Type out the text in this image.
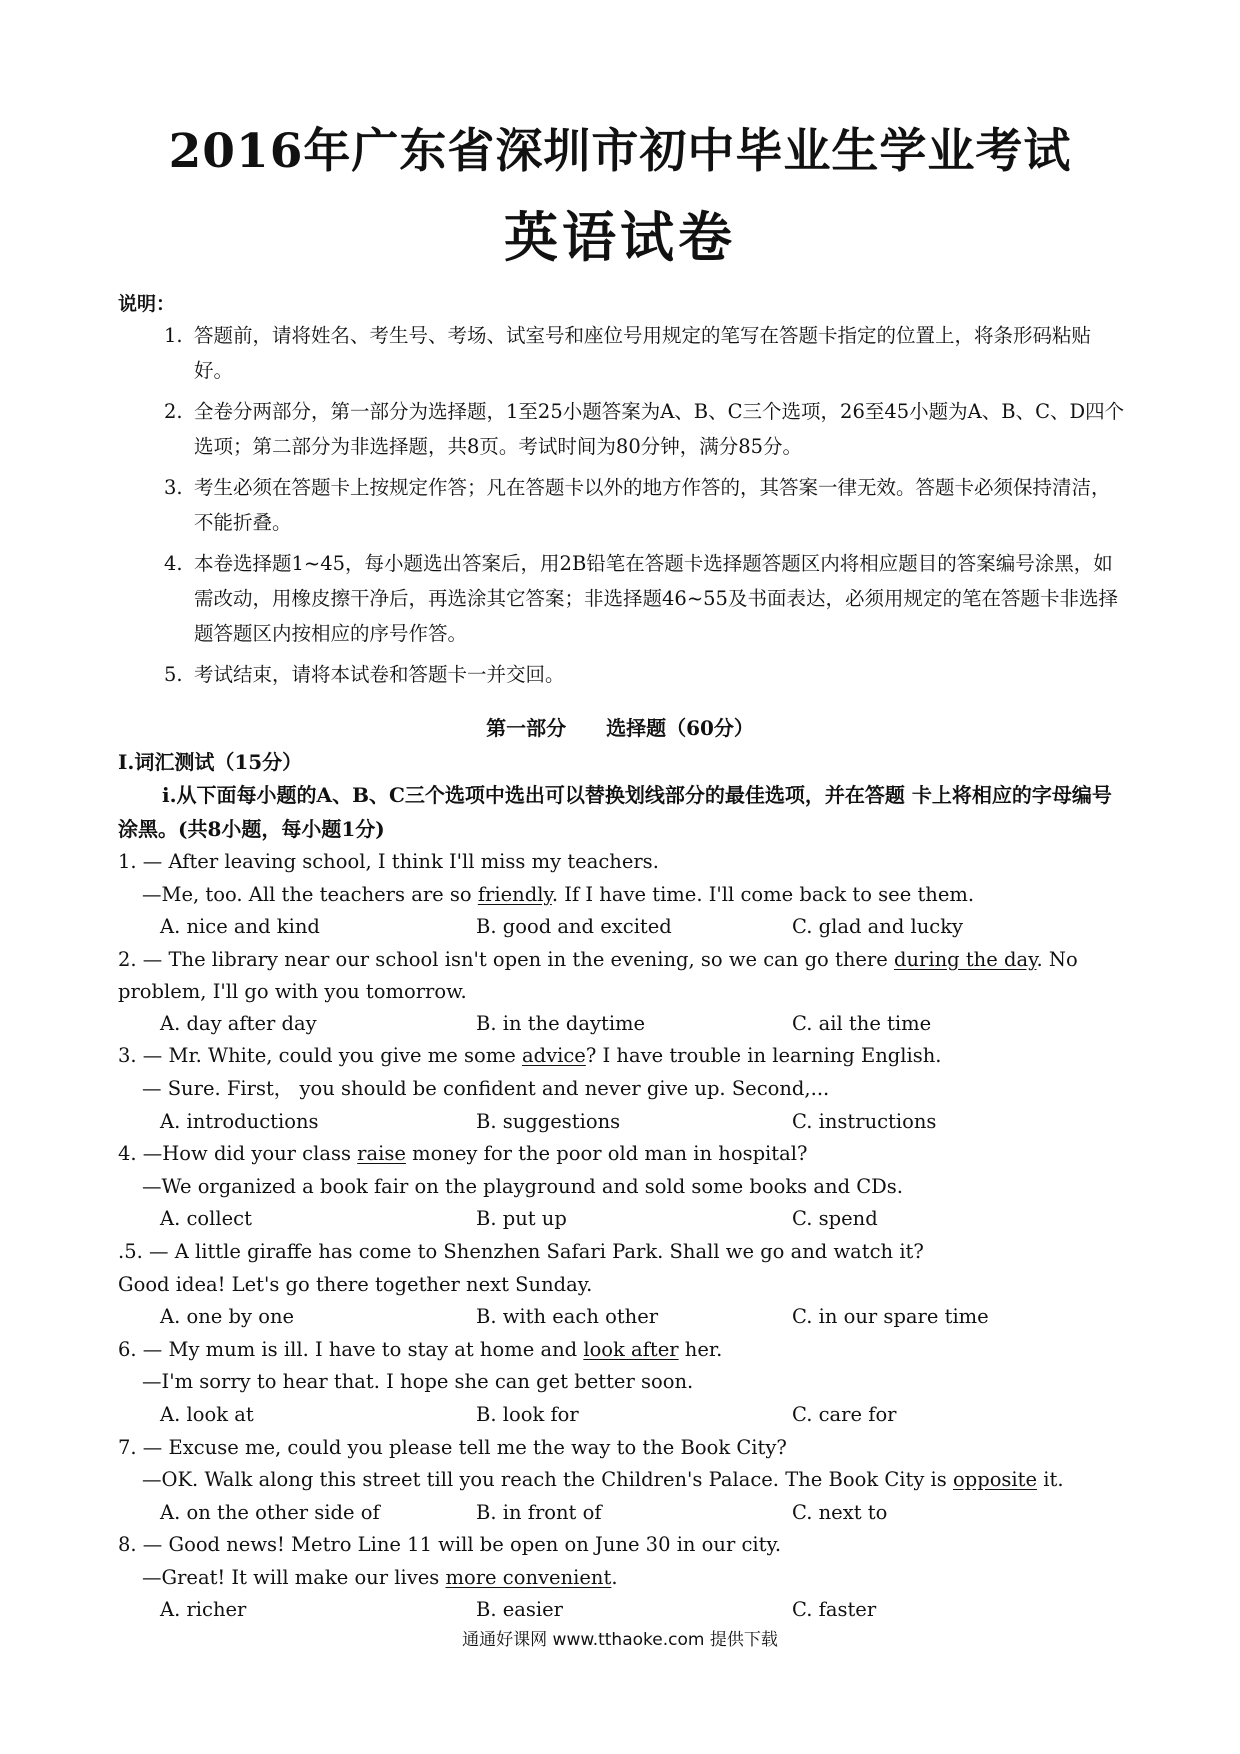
2016年广东省深圳市初中毕业生学业考试
英语试卷
说明：
1. 答题前，请将姓名、考生号、考场、试室号和座位号用规定的笔写在答题卡指定的位置上，将条形码粘贴好。
2. 全卷分两部分，第一部分为选择题，1至25小题答案为A、B、C三个选项，26至45小题为A、B、C、D四个选项；第二部分为非选择题，共8页。考试时间为80分钟，满分85分。
3. 考生必须在答题卡上按规定作答；凡在答题卡以外的地方作答的，其答案一律无效。答题卡必须保持清洁，不能折叠。
4. 本卷选择题1~45，每小题选出答案后，用2B铅笔在答题卡选择题答题区内将相应题目的答案编号涂黑，如需改动，用橡皮擦干净后，再选涂其它答案；非选择题46~55及书面表达，必须用规定的笔在答题卡非选择题答题区内按相应的序号作答。
5. 考试结束，请将本试卷和答题卡一并交回。
第一部分 选择题（60分）
I.词汇测试（15分）
i.从下面每小题的A、B、C三个选项中选出可以替换划线部分的最佳选项，并在答题 卡上将相应的字母编号涂黑。(共8小题，每小题1分)
1. — After leaving school, I think I'll miss my teachers.
—Me, too. All the teachers are so friendly. If I have time. I'll come back to see them.
A. nice and kind	B. good and excited	C. glad and lucky
2. — The library near our school isn't open in the evening, so we can go there during the day. No problem, I'll go with you tomorrow.
A. day after day	B. in the daytime	C. ail the time
3. — Mr. White, could you give me some advice? I have trouble in learning English.
— Sure. First， you should be confident and never give up. Second,...
A. introductions	B. suggestions	C. instructions
4. —How did your class raise money for the poor old man in hospital?
—We organized a book fair on the playground and sold some books and CDs.
A. collect	B. put up	C. spend
.5. — A little giraffe has come to Shenzhen Safari Park. Shall we go and watch it?
Good idea! Let's go there together next Sunday.
A. one by one	B. with each other	C. in our spare time
6. — My mum is ill. I have to stay at home and look after her.
—I'm sorry to hear that. I hope she can get better soon.
A. look at	B. look for	C. care for
7. — Excuse me, could you please tell me the way to the Book City?
—OK. Walk along this street till you reach the Children's Palace. The Book City is opposite it.
A. on the other side of	B. in front of	C. next to
8. — Good news! Metro Line 11 will be open on June 30 in our city.
—Great! It will make our lives more convenient.
A. richer	B. easier	C. faster
通通好课网 www.tthaoke.com 提供下载
